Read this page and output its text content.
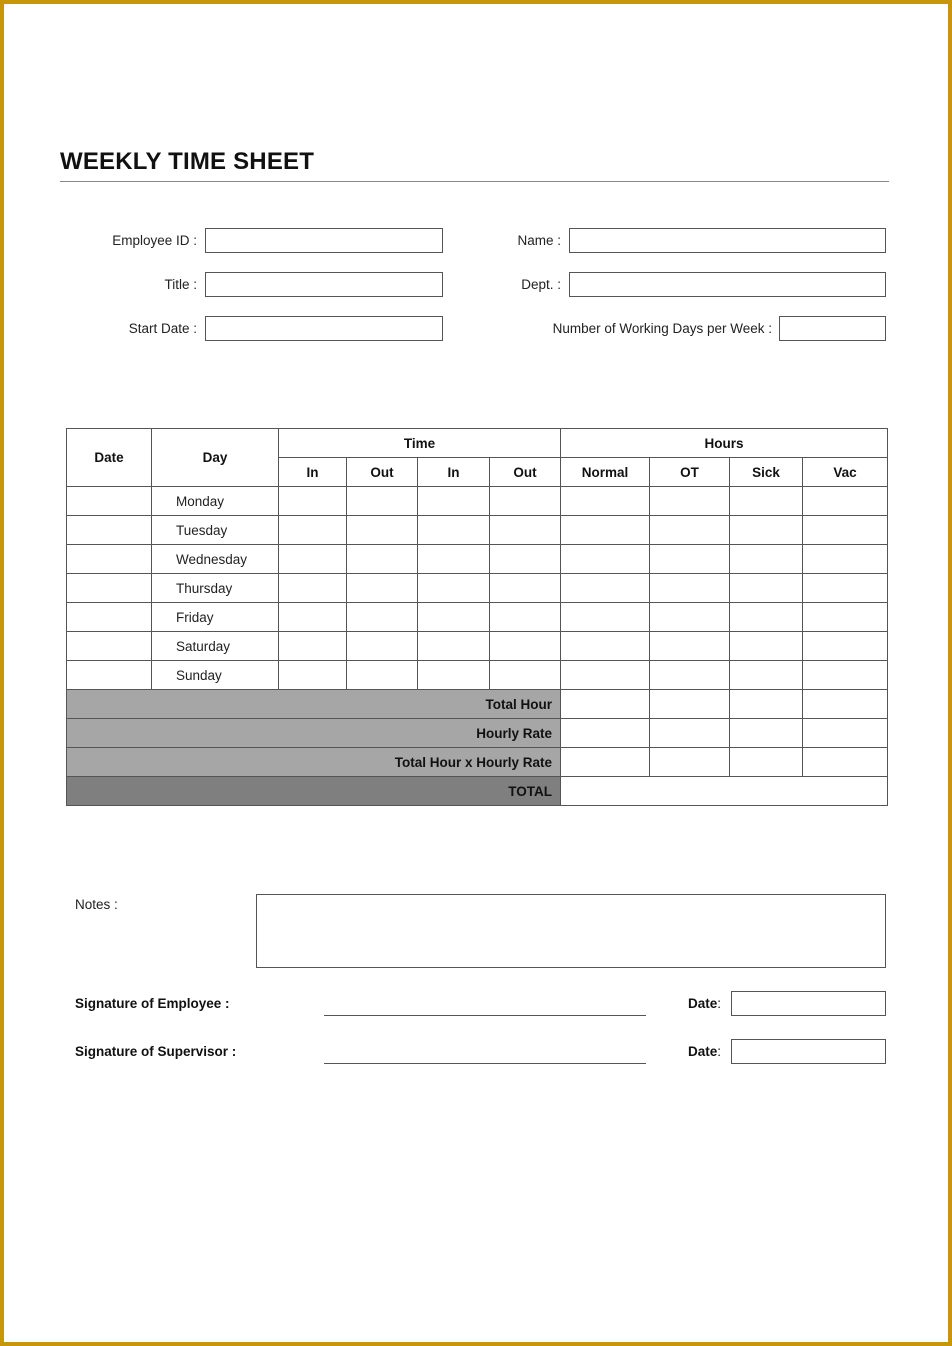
WEEKLY TIME SHEET
Employee ID :	Name :
Title :	Dept. :
Start Date :	Number of Working Days per Week :
Date	Day	Time				Hours			
		In	Out	In	Out	Normal	OT	Sick	Vac
	Monday								
	Tuesday								
	Wednesday								
	Thursday								
	Friday								
	Saturday								
	Sunday								
Total Hour									
Hourly Rate									
Total Hour x Hourly Rate									
TOTAL									
Notes :
Signature of Employee :	Date:
Signature of Supervisor :	Date:
